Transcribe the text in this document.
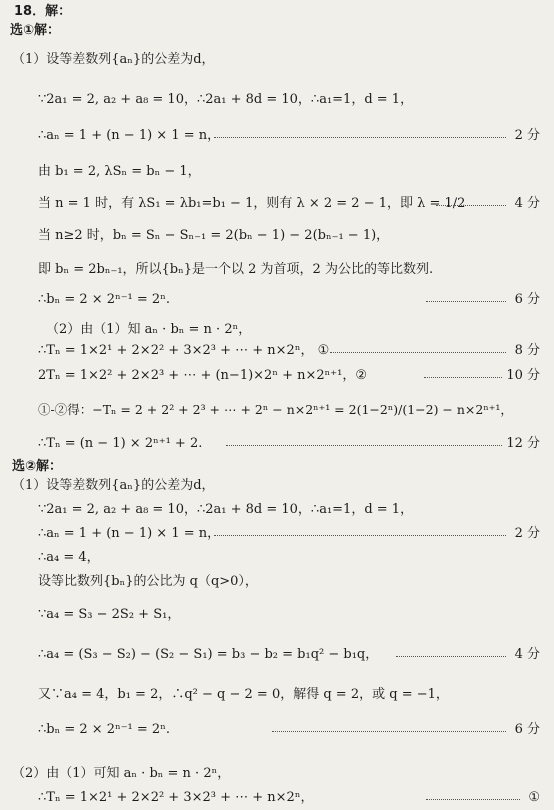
18．解：
选①解：
（1）设等差数列{aₙ}的公差为d，
∵2a₁ = 2, a₂ + a₈ = 10，∴2a₁ + 8d = 10，∴a₁=1，d = 1，
∴aₙ = 1 + (n − 1) × 1 = n，	2 分
由 b₁ = 2, λSₙ = bₙ − 1，
当 n = 1 时，有 λS₁ = λb₁=b₁ − 1，则有 λ × 2 = 2 − 1，即 λ = 1/2	4 分
当 n≥2 时，bₙ = Sₙ − Sₙ₋₁ = 2(bₙ − 1) − 2(bₙ₋₁ − 1)，
即 bₙ = 2bₙ₋₁，所以{bₙ}是一个以 2 为首项，2 为公比的等比数列.
∴bₙ = 2 × 2ⁿ⁻¹ = 2ⁿ.	6 分
（2）由（1）知 aₙ · bₙ = n · 2ⁿ，
∴Tₙ = 1×2¹ + 2×2² + 3×2³ + ⋯ + n×2ⁿ， ①	8 分
2Tₙ = 1×2² + 2×2³ + ⋯ + (n−1)×2ⁿ + n×2ⁿ⁺¹，②	10 分
①-②得：−Tₙ = 2 + 2² + 2³ + ⋯ + 2ⁿ − n×2ⁿ⁺¹ = 2(1−2ⁿ)/(1−2) − n×2ⁿ⁺¹，
∴Tₙ = (n − 1) × 2ⁿ⁺¹ + 2.	12 分
选②解：
（1）设等差数列{aₙ}的公差为d，
∵2a₁ = 2, a₂ + a₈ = 10，∴2a₁ + 8d = 10，∴a₁=1，d = 1，
∴aₙ = 1 + (n − 1) × 1 = n，	2 分
∴a₄ = 4，
设等比数列{bₙ}的公比为 q（q>0），
∵a₄ = S₃ − 2S₂ + S₁，
∴a₄ = (S₃ − S₂) − (S₂ − S₁) = b₃ − b₂ = b₁q² − b₁q，	4 分
又∵a₄ = 4，b₁ = 2，∴q² − q − 2 = 0，解得 q = 2，或 q = −1，
∴bₙ = 2 × 2ⁿ⁻¹ = 2ⁿ.	6 分
（2）由（1）可知 aₙ · bₙ = n · 2ⁿ，
∴Tₙ = 1×2¹ + 2×2² + 3×2³ + ⋯ + n×2ⁿ，	①
